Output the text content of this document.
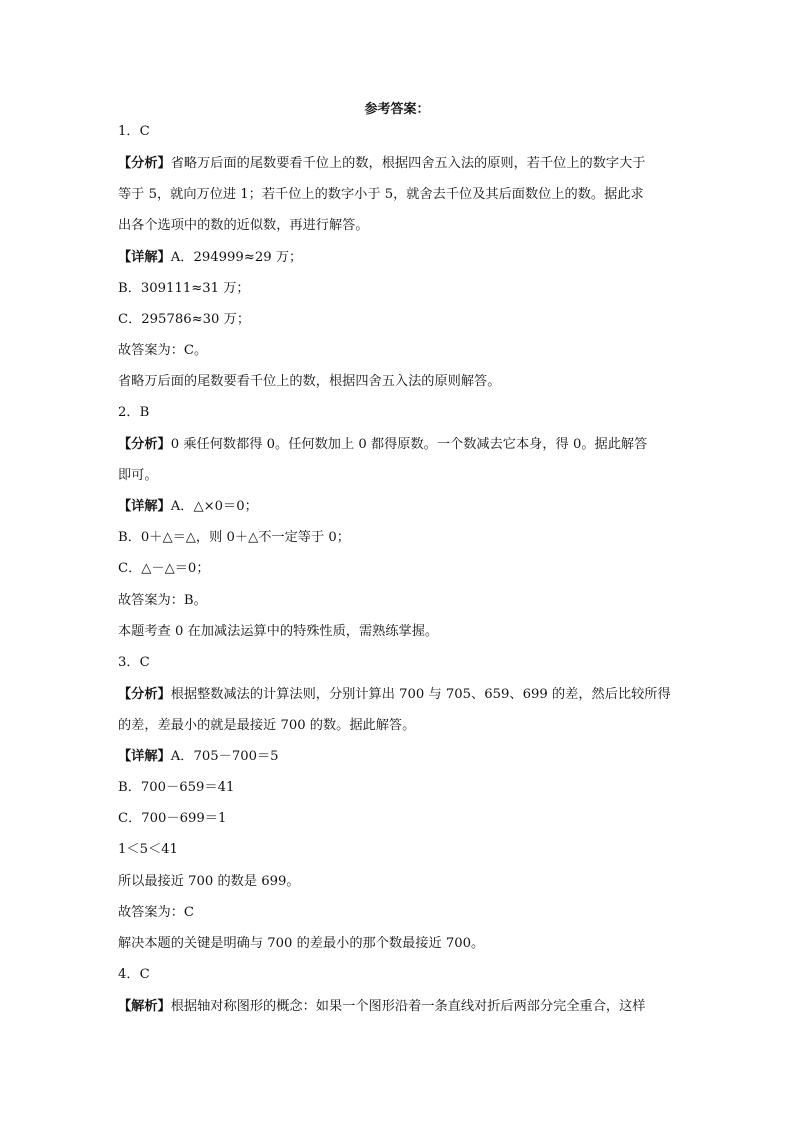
参考答案：
1．C
【分析】省略万后面的尾数要看千位上的数，根据四舍五入法的原则，若千位上的数字大于
等于 5，就向万位进 1；若千位上的数字小于 5，就舍去千位及其后面数位上的数。据此求
出各个选项中的数的近似数，再进行解答。
【详解】A．294999≈29 万；
B．309111≈31 万；
C．295786≈30 万；
故答案为：C。
省略万后面的尾数要看千位上的数，根据四舍五入法的原则解答。
2．B
【分析】0 乘任何数都得 0。任何数加上 0 都得原数。一个数减去它本身，得 0。据此解答
即可。
【详解】A．△×0＝0；
B．0＋△＝△，则 0＋△不一定等于 0；
C．△－△＝0；
故答案为：B。
本题考查 0 在加减法运算中的特殊性质，需熟练掌握。
3．C
【分析】根据整数减法的计算法则，分别计算出 700 与 705、659、699 的差，然后比较所得
的差，差最小的就是最接近 700 的数。据此解答。
【详解】A．705－700＝5
B．700－659＝41
C．700－699＝1
1＜5＜41
所以最接近 700 的数是 699。
故答案为：C
解决本题的关键是明确与 700 的差最小的那个数最接近 700。
4．C
【解析】根据轴对称图形的概念：如果一个图形沿着一条直线对折后两部分完全重合，这样
